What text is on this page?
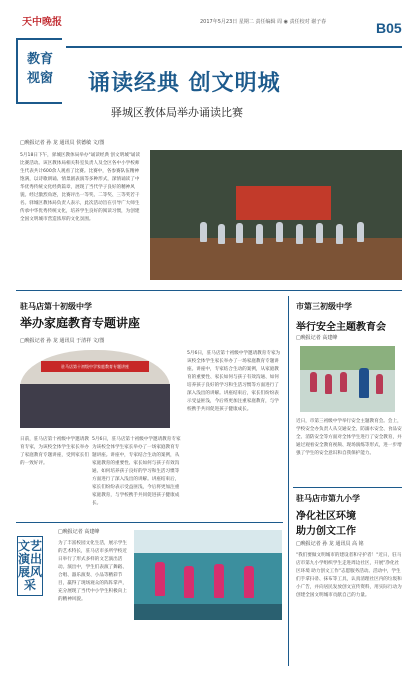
天中晚报	2017年5月23日 星期二 责任编辑 周 ◉ 责任校对 谢子春	B05
教育
视窗	诵读经典 创文明城
驿城区教体局举办诵读比赛
□晚报记者 孙 龙 通讯员 侯德敏 文/图
5月18日下午，驿城区教体局举办"诵读经典 创文明城"诵读比赛活动。该区教体局相关科室负责人及全区各中小学校师生代表共计600余人观看了比赛。比赛中，各参赛队伍精神饱满，以诗歌朗诵、情景剧表演等多种形式，深情诵读了中华优秀传统文化经典篇章，展现了当代学子良好的精神风貌。经过激烈角逐，比赛评出一等奖、二等奖、三等奖若干名。驿城区教体局负责人表示，此次活动旨在引导广大师生传承中华优秀传统文化，培养学生良好的阅读习惯，为创建全国文明城市营造浓厚的文化氛围。
驻马店第十初级中学
举办家庭教育专题讲座
□晚报记者 孙 龙 通讯员 于清祥 文/图
驻马店第十初级中学家庭教育专题讲座
日前，驻马店第十初级中学邀请教育专家，为该校全体学生家长举办了家庭教育专题讲座，受到家长们的一致好评。
5月6日，驻马店第十初级中学邀请教育专家为该校全体学生家长举办了一场家庭教育专题讲座。讲座中，专家结合生动的案例，从家庭教育的重要性、家长如何与孩子有效沟通、如何培养孩子良好的学习和生活习惯等方面进行了深入浅出的讲解。讲座结束后，家长们纷纷表示受益匪浅，今后将更加注重家庭教育，与学校携手共同促进孩子健康成长。
5月6日，驻马店第十初级中学邀请教育专家为该校全体学生家长举办了一场家庭教育专题讲座。讲座中，专家结合生动的案例，从家庭教育的重要性、家长如何与孩子有效沟通、如何培养孩子良好的学习和生活习惯等方面进行了深入浅出的讲解。讲座结束后，家长们纷纷表示受益匪浅，今后将更加注重家庭教育，与学校携手共同促进孩子健康成长。
市第三初级中学
举行安全主题教育会
□晚报记者 高建峰
近日，市第三初级中学举行安全主题教育会。会上，学校安全办负责人从交通安全、防溺水安全、食品安全、消防安全等方面对全体学生进行了安全教育，并通过观看安全教育视频、现场演练等形式，进一步增强了学生的安全意识和自我保护能力。
驻马店市第九小学
净化社区环境
助力创文工作
□晚报记者 孙 龙 通讯员 高 铭
"我们要做文明城市的建设者和守护者！"近日，驻马店市第九小学组织学生走进周边社区，开展"净化社区环境 助力创文工作"志愿服务活动。活动中，学生们手拿扫帚、抹布等工具，认真清理社区内的垃圾和小广告，并向居民发放创文宣传资料，用实际行动为创建全国文明城市贡献自己的力量。
文艺演出展风采
□晚报记者 高建峰
为了丰富校园文化生活，展示学生的艺术特长，驻马店市多所学校近日举行了形式多样的文艺演出活动。演出中，学生们表演了舞蹈、合唱、器乐演奏、小品等精彩节目，赢得了现场观众的阵阵掌声，充分展现了当代中小学生积极向上的精神风貌。
